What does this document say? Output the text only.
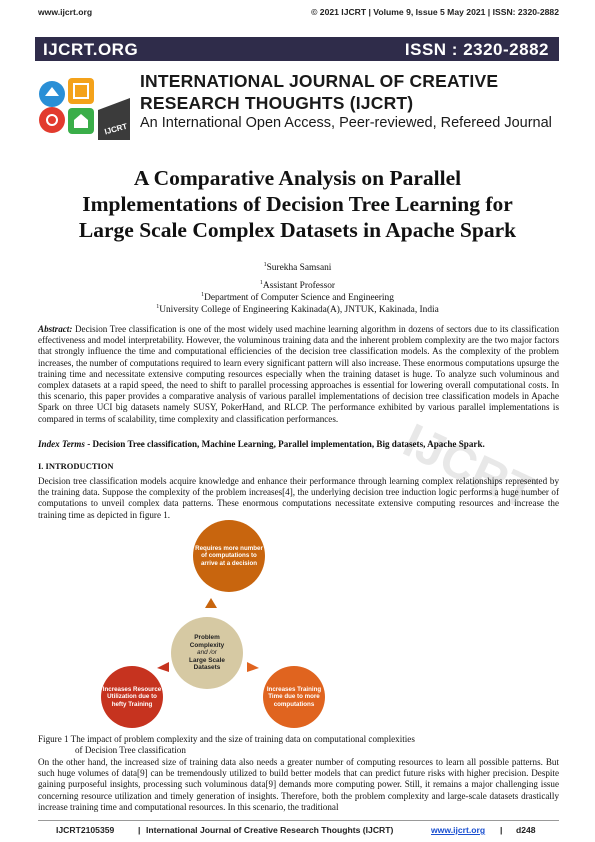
www.ijcrt.org	© 2021 IJCRT | Volume 9, Issue 5 May 2021 | ISSN: 2320-2882
IJCRT.ORG	ISSN : 2320-2882
IJCRT
INTERNATIONAL JOURNAL OF CREATIVE
RESEARCH THOUGHTS (IJCRT)
An International Open Access, Peer-reviewed, Refereed Journal
A Comparative Analysis on Parallel
Implementations of Decision Tree Learning for
Large Scale Complex Datasets in Apache Spark
$^1$Surekha Samsani
$^1$Assistant Professor
$^1$Department of Computer Science and Engineering
$^1$University College of Engineering Kakinada(A), JNTUK, Kakinada, India
IJCRT
Abstract: Decision Tree classification is one of the most widely used machine learning algorithm in dozens of sectors due to its classification effectiveness and model interpretability. However, the voluminous training data and the inherent problem complexity are the two major factors that strongly influence the time and computational efficiencies of the decision tree classification models. As the complexity of the problem increases, the number of computations required to learn every significant pattern will also increase. These enormous computations upsurge the training time and necessitate extensive computing resources especially when the training dataset is huge. To analyze such voluminous and complex datasets at a rapid speed, the need to shift to parallel processing approaches is essential for lowering overall computational costs. In this scenario, this paper provides a comparative analysis of various parallel implementations of decision tree classification models in Apache Spark on three UCI big datasets namely SUSY, PokerHand, and RLCP. The performance exhibited by various parallel implementations is compared in terms of scalability, time complexity and classification performances.
Index Terms - Decision Tree classification, Machine Learning, Parallel implementation, Big datasets, Apache Spark.
I. INTRODUCTION
Decision tree classification models acquire knowledge and enhance their performance through learning complex relationships represented by the training data. Suppose the complexity of the problem increases[4], the underlying decision tree induction logic performs a huge number of computations to unveil complex data patterns. These enormous computations necessitate extensive computing resources and increase the training time as depicted in figure 1.
Requires more number of computations to arrive at a decision
Problem
Complexity
and /or
Large Scale
Datasets
Increases Resource Utilization due to hefty Training
Increases Training Time due to more computations
Figure 1 The impact of problem complexity and the size of training data on computational complexities
of Decision Tree classification
On the other hand, the increased size of training data also needs a greater number of computing resources to learn all possible patterns. But such huge volumes of data[9] can be tremendously utilized to build better models that can predict future risks with higher precision. Despite gaining purposeful insights, processing such voluminous data[9] demands more computing power. Still, it remains a major challenging issue concerning resource utilization and timely generation of insights. Therefore, both the problem complexity and large-scale datasets drastically increase training time and computational resources. In this scenario, the traditional
IJCRT2105359	| International Journal of Creative Research Thoughts (IJCRT)	www.ijcrt.org | d248
